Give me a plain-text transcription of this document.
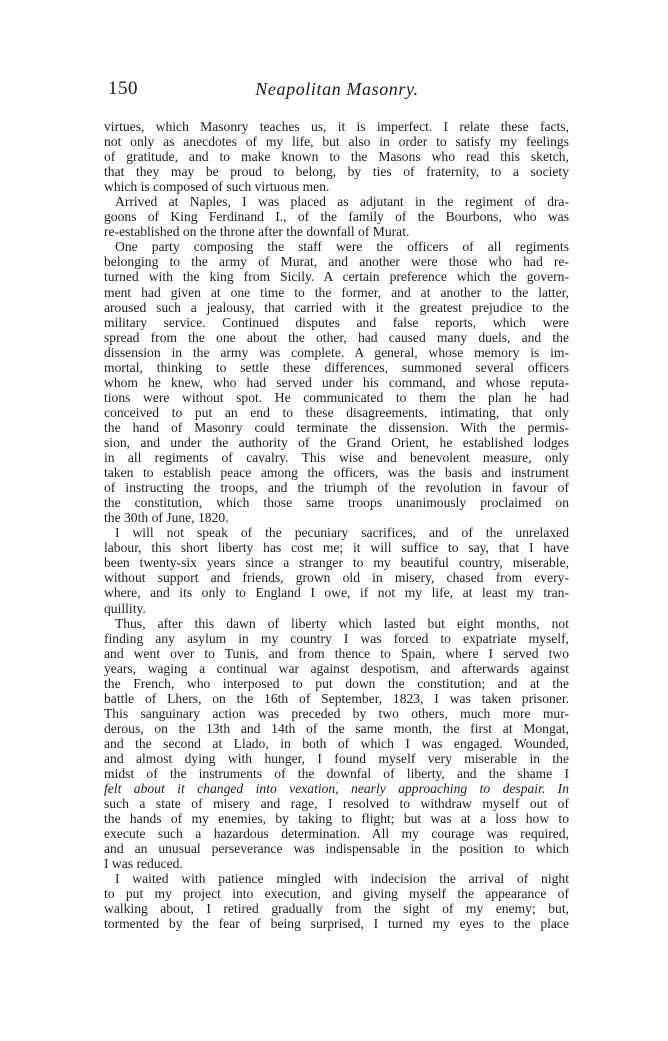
150	Neapolitan Masonry.
virtues, which Masonry teaches us, it is imperfect. I relate these facts,
not only as anecdotes of my life, but also in order to satisfy my feelings
of gratitude, and to make known to the Masons who read this sketch,
that they may be proud to belong, by ties of fraternity, to a society
which is composed of such virtuous men.
Arrived at Naples, I was placed as adjutant in the regiment of dra-
goons of King Ferdinand I., of the family of the Bourbons, who was
re-established on the throne after the downfall of Murat.
One party composing the staff were the officers of all regiments
belonging to the army of Murat, and another were those who had re-
turned with the king from Sicily. A certain preference which the govern-
ment had given at one time to the former, and at another to the latter,
aroused such a jealousy, that carried with it the greatest prejudice to the
military service. Continued disputes and false reports, which were
spread from the one about the other, had caused many duels, and the
dissension in the army was complete. A general, whose memory is im-
mortal, thinking to settle these differences, summoned several officers
whom he knew, who had served under his command, and whose reputa-
tions were without spot. He communicated to them the plan he had
conceived to put an end to these disagreements, intimating, that only
the hand of Masonry could terminate the dissension. With the permis-
sion, and under the authority of the Grand Orient, he established lodges
in all regiments of cavalry. This wise and benevolent measure, only
taken to establish peace among the officers, was the basis and instrument
of instructing the troops, and the triumph of the revolution in favour of
the constitution, which those same troops unanimously proclaimed on
the 30th of June, 1820.
I will not speak of the pecuniary sacrifices, and of the unrelaxed
labour, this short liberty has cost me; it will suffice to say, that I have
been twenty-six years since a stranger to my beautiful country, miserable,
without support and friends, grown old in misery, chased from every-
where, and its only to England I owe, if not my life, at least my tran-
quillity.
Thus, after this dawn of liberty which lasted but eight months, not
finding any asylum in my country I was forced to expatriate myself,
and went over to Tunis, and from thence to Spain, where I served two
years, waging a continual war against despotism, and afterwards against
the French, who interposed to put down the constitution; and at the
battle of Lhers, on the 16th of September, 1823, I was taken prisoner.
This sanguinary action was preceded by two others, much more mur-
derous, on the 13th and 14th of the same month, the first at Mongat,
and the second at Llado, in both of which I was engaged. Wounded,
and almost dying with hunger, I found myself very miserable in the
midst of the instruments of the downfal of liberty, and the shame I
felt about it changed into vexation, nearly approaching to despair. In
such a state of misery and rage, I resolved to withdraw myself out of
the hands of my enemies, by taking to flight; but was at a loss how to
execute such a hazardous determination. All my courage was required,
and an unusual perseverance was indispensable in the position to which
I was reduced.
I waited with patience mingled with indecision the arrival of night
to put my project into execution, and giving myself the appearance of
walking about, I retired gradually from the sight of my enemy; but,
tormented by the fear of being surprised, I turned my eyes to the place
